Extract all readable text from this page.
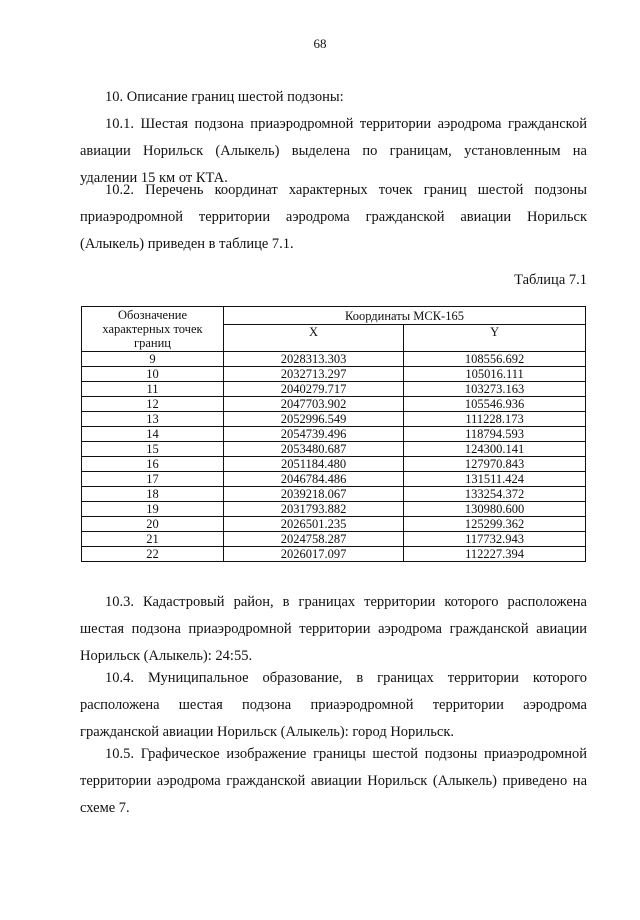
68

10. Описание границ шестой подзоны:

10.1. Шестая подзона приаэродромной территории аэродрома гражданской авиации Норильск (Алыкель) выделена по границам, установленным на удалении 15 км от КТА.

10.2. Перечень координат характерных точек границ шестой подзоны приаэродромной территории аэродрома гражданской авиации Норильск (Алыкель) приведен в таблице 7.1.

Таблица 7.1
Обозначение характерных точек границ	Координаты МСК-165	
	X	Y
9	2028313.303	108556.692
10	2032713.297	105016.111
11	2040279.717	103273.163
12	2047703.902	105546.936
13	2052996.549	111228.173
14	2054739.496	118794.593
15	2053480.687	124300.141
16	2051184.480	127970.843
17	2046784.486	131511.424
18	2039218.067	133254.372
19	2031793.882	130980.600
20	2026501.235	125299.362
21	2024758.287	117732.943
22	2026017.097	112227.394

10.3. Кадастровый район, в границах территории которого расположена шестая подзона приаэродромной территории аэродрома гражданской авиации Норильск (Алыкель): 24:55.

10.4. Муниципальное образование, в границах территории которого расположена шестая подзона приаэродромной территории аэродрома гражданской авиации Норильск (Алыкель): город Норильск.

10.5. Графическое изображение границы шестой подзоны приаэродромной территории аэродрома гражданской авиации Норильск (Алыкель) приведено на схеме 7.
